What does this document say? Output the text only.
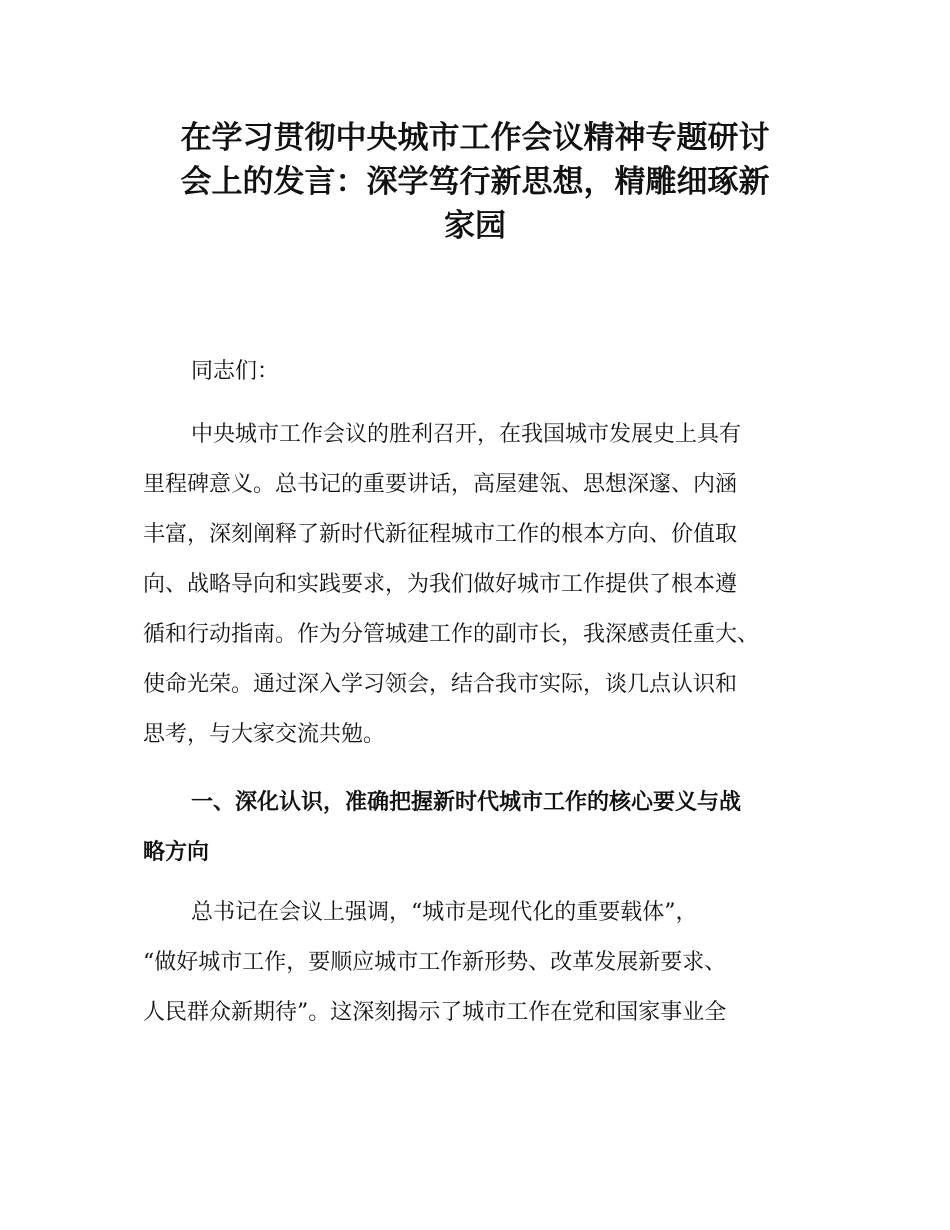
在学习贯彻中央城市工作会议精神专题研讨
会上的发言：深学笃行新思想，精雕细琢新
家园

同志们：

中央城市工作会议的胜利召开，在我国城市发展史上具有
里程碑意义。总书记的重要讲话，高屋建瓴、思想深邃、内涵
丰富，深刻阐释了新时代新征程城市工作的根本方向、价值取
向、战略导向和实践要求，为我们做好城市工作提供了根本遵
循和行动指南。作为分管城建工作的副市长，我深感责任重大、
使命光荣。通过深入学习领会，结合我市实际，谈几点认识和
思考，与大家交流共勉。

一、深化认识，准确把握新时代城市工作的核心要义与战
略方向

总书记在会议上强调，“城市是现代化的重要载体”，
“做好城市工作，要顺应城市工作新形势、改革发展新要求、
人民群众新期待”。这深刻揭示了城市工作在党和国家事业全
